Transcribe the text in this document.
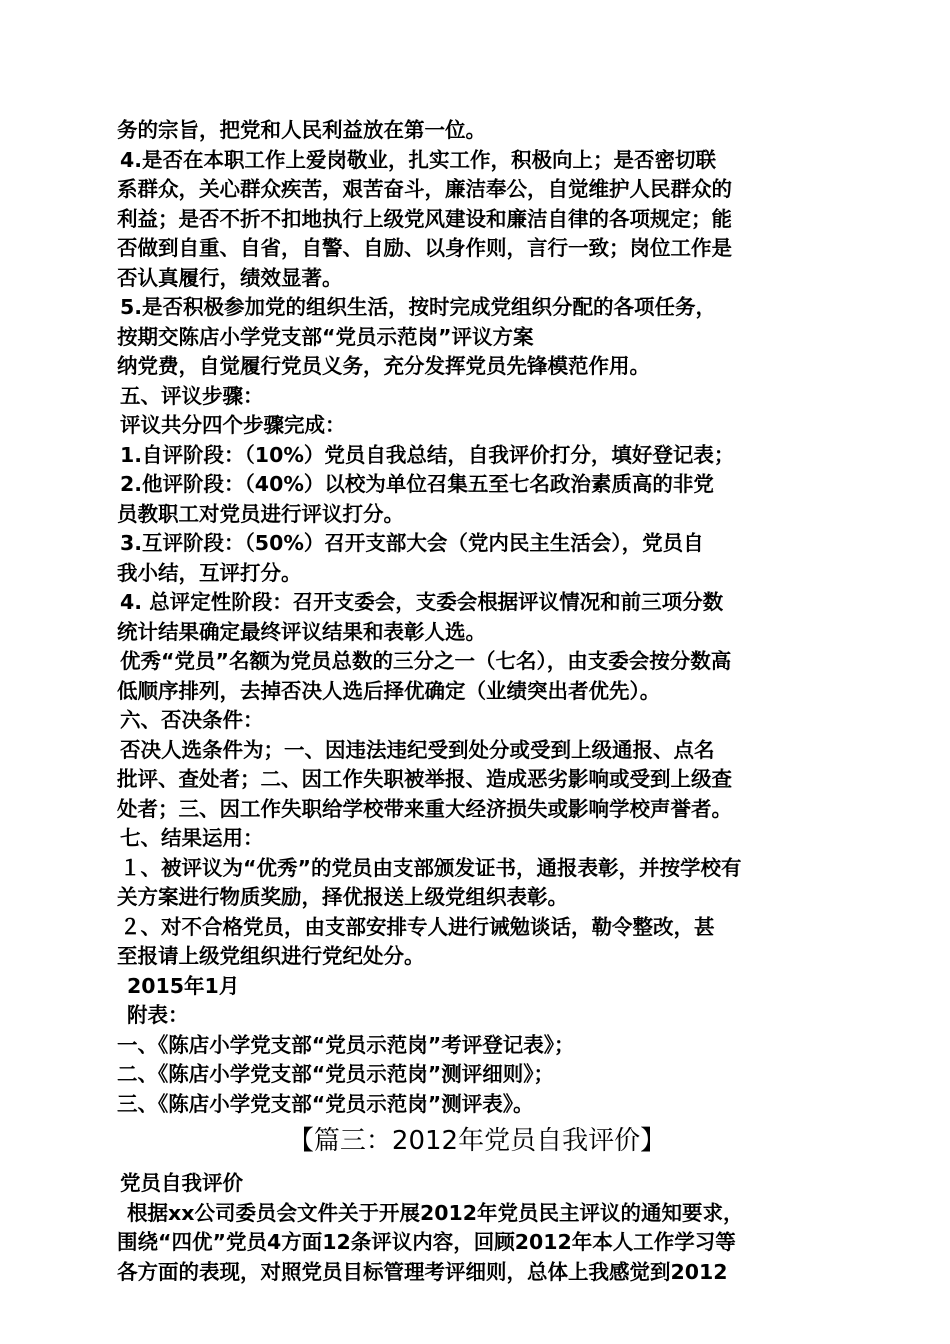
务的宗旨，把党和人民利益放在第一位。
4.是否在本职工作上爱岗敬业，扎实工作，积极向上；是否密切联
系群众，关心群众疾苦，艰苦奋斗，廉洁奉公，自觉维护人民群众的
利益；是否不折不扣地执行上级党风建设和廉洁自律的各项规定；能
否做到自重、自省，自警、自励、以身作则，言行一致；岗位工作是
否认真履行，绩效显著。
5.是否积极参加党的组织生活，按时完成党组织分配的各项任务，
按期交陈店小学党支部“党员示范岗”评议方案
纳党费，自觉履行党员义务，充分发挥党员先锋模范作用。
五、评议步骤：
评议共分四个步骤完成：
1.自评阶段：（10%）党员自我总结，自我评价打分，填好登记表；
2.他评阶段：（40%）以校为单位召集五至七名政治素质高的非党
员教职工对党员进行评议打分。
3.互评阶段：（50%）召开支部大会（党内民主生活会），党员自
我小结，互评打分。
4. 总评定性阶段：召开支委会，支委会根据评议情况和前三项分数
统计结果确定最终评议结果和表彰人选。
优秀“党员”名额为党员总数的三分之一（七名），由支委会按分数高
低顺序排列，去掉否决人选后择优确定（业绩突出者优先）。
六、否决条件：
否决人选条件为；一、因违法违纪受到处分或受到上级通报、点名
批评、查处者；二、因工作失职被举报、造成恶劣影响或受到上级查
处者；三、因工作失职给学校带来重大经济损失或影响学校声誉者。
七、结果运用：
１、被评议为“优秀”的党员由支部颁发证书，通报表彰，并按学校有
关方案进行物质奖励，择优报送上级党组织表彰。
２、对不合格党员，由支部安排专人进行诫勉谈话，勒令整改，甚
至报请上级党组织进行党纪处分。
2015年1月
附表：
一、《陈店小学党支部“党员示范岗”考评登记表》；
二、《陈店小学党支部“党员示范岗”测评细则》；
三、《陈店小学党支部“党员示范岗”测评表》。
【篇三：2012年党员自我评价】
党员自我评价
根据xx公司委员会文件关于开展2012年党员民主评议的通知要求，
围绕“四优”党员4方面12条评议内容，回顾2012年本人工作学习等
各方面的表现，对照党员目标管理考评细则，总体上我感觉到2012
